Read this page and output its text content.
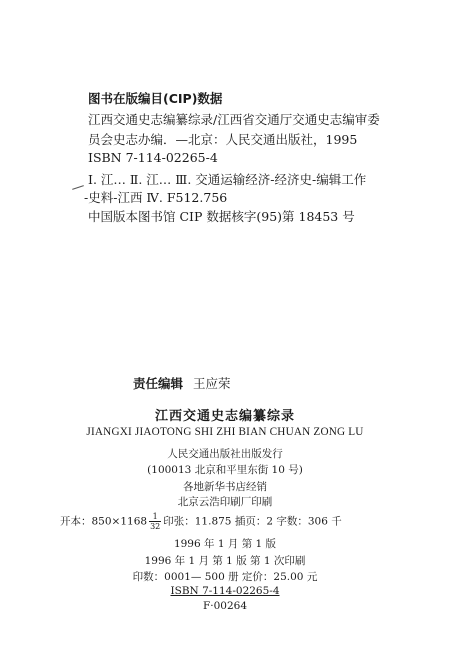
图书在版编目(CIP)数据
江西交通史志编纂综录/江西省交通厅交通史志编审委
员会史志办编．—北京：人民交通出版社，1995
ISBN 7-114-02265-4
Ⅰ. 江… Ⅱ. 江… Ⅲ. 交通运输经济-经济史-编辑工作
-史料-江西 Ⅳ. F512.756
中国版本图书馆 CIP 数据核字(95)第 18453 号
责任编辑 王应荣
江西交通史志编纂综录
JIANGXI JIAOTONG SHI ZHI BIAN CHUAN ZONG LU
人民交通出版社出版发行
(100013 北京和平里东街 10 号)
各地新华书店经销
北京云浩印刷厂印刷
开本：$850\times 1168 \frac{1}{32}$ 印张：11.875 插页：2 字数：306 千
1996 年 1 月 第 1 版
1996 年 1 月 第 1 版 第 1 次印刷
印数：0001— 500 册 定价：25.00 元
ISBN 7-114-02265-4
F·00264
